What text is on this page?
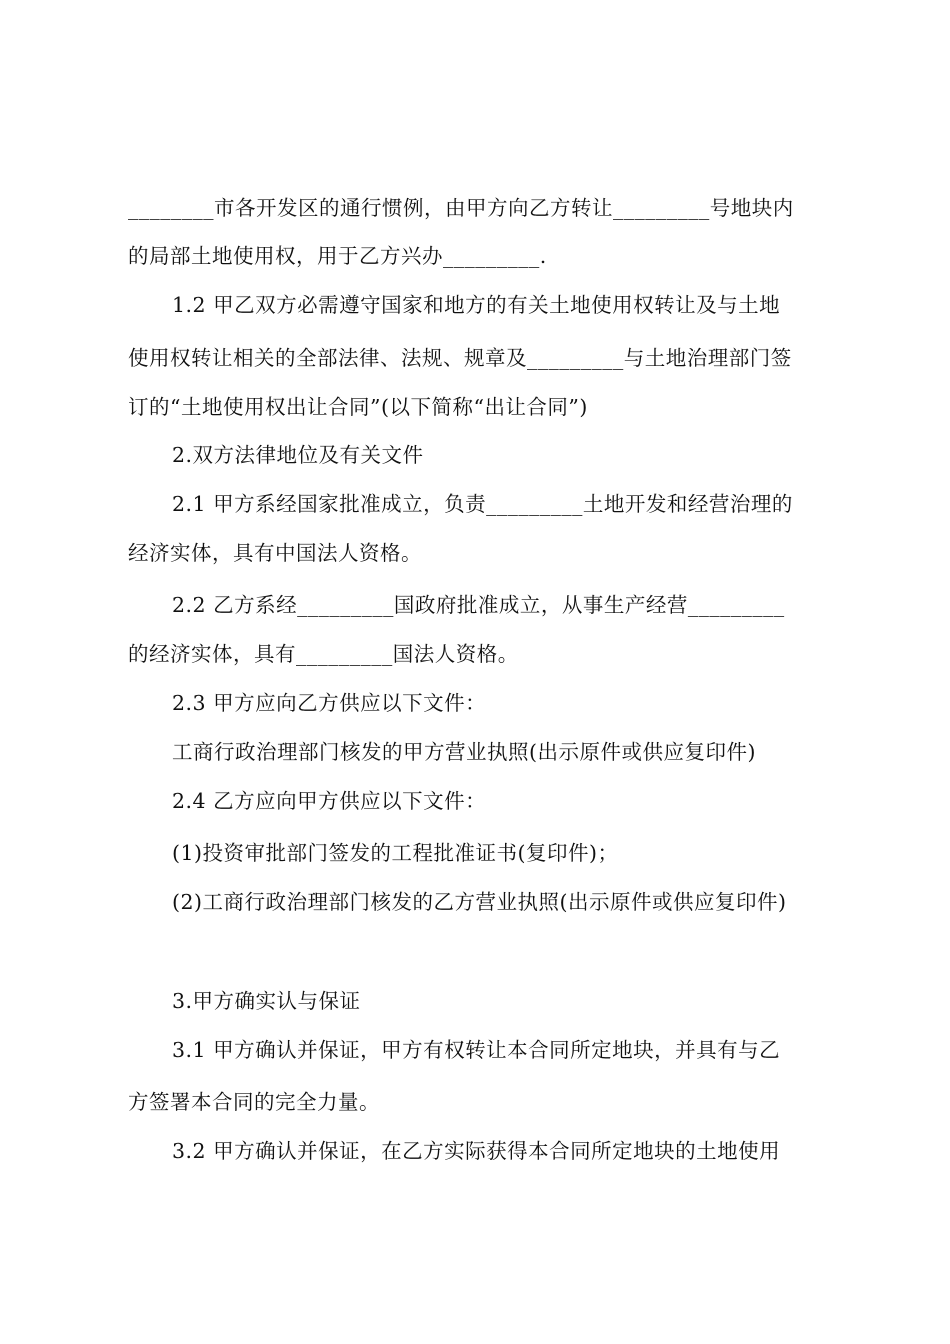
________市各开发区的通行惯例，由甲方向乙方转让_________号地块内
的局部土地使用权，用于乙方兴办_________.
1.2 甲乙双方必需遵守国家和地方的有关土地使用权转让及与土地
使用权转让相关的全部法律、法规、规章及_________与土地治理部门签
订的“土地使用权出让合同”(以下简称“出让合同”)
2.双方法律地位及有关文件
2.1 甲方系经国家批准成立，负责_________土地开发和经营治理的
经济实体，具有中国法人资格。
2.2 乙方系经_________国政府批准成立，从事生产经营_________
的经济实体，具有_________国法人资格。
2.3 甲方应向乙方供应以下文件：
工商行政治理部门核发的甲方营业执照(出示原件或供应复印件)
2.4 乙方应向甲方供应以下文件：
(1)投资审批部门签发的工程批准证书(复印件)；
(2)工商行政治理部门核发的乙方营业执照(出示原件或供应复印件)
3.甲方确实认与保证
3.1 甲方确认并保证，甲方有权转让本合同所定地块，并具有与乙
方签署本合同的完全力量。
3.2 甲方确认并保证，在乙方实际获得本合同所定地块的土地使用
